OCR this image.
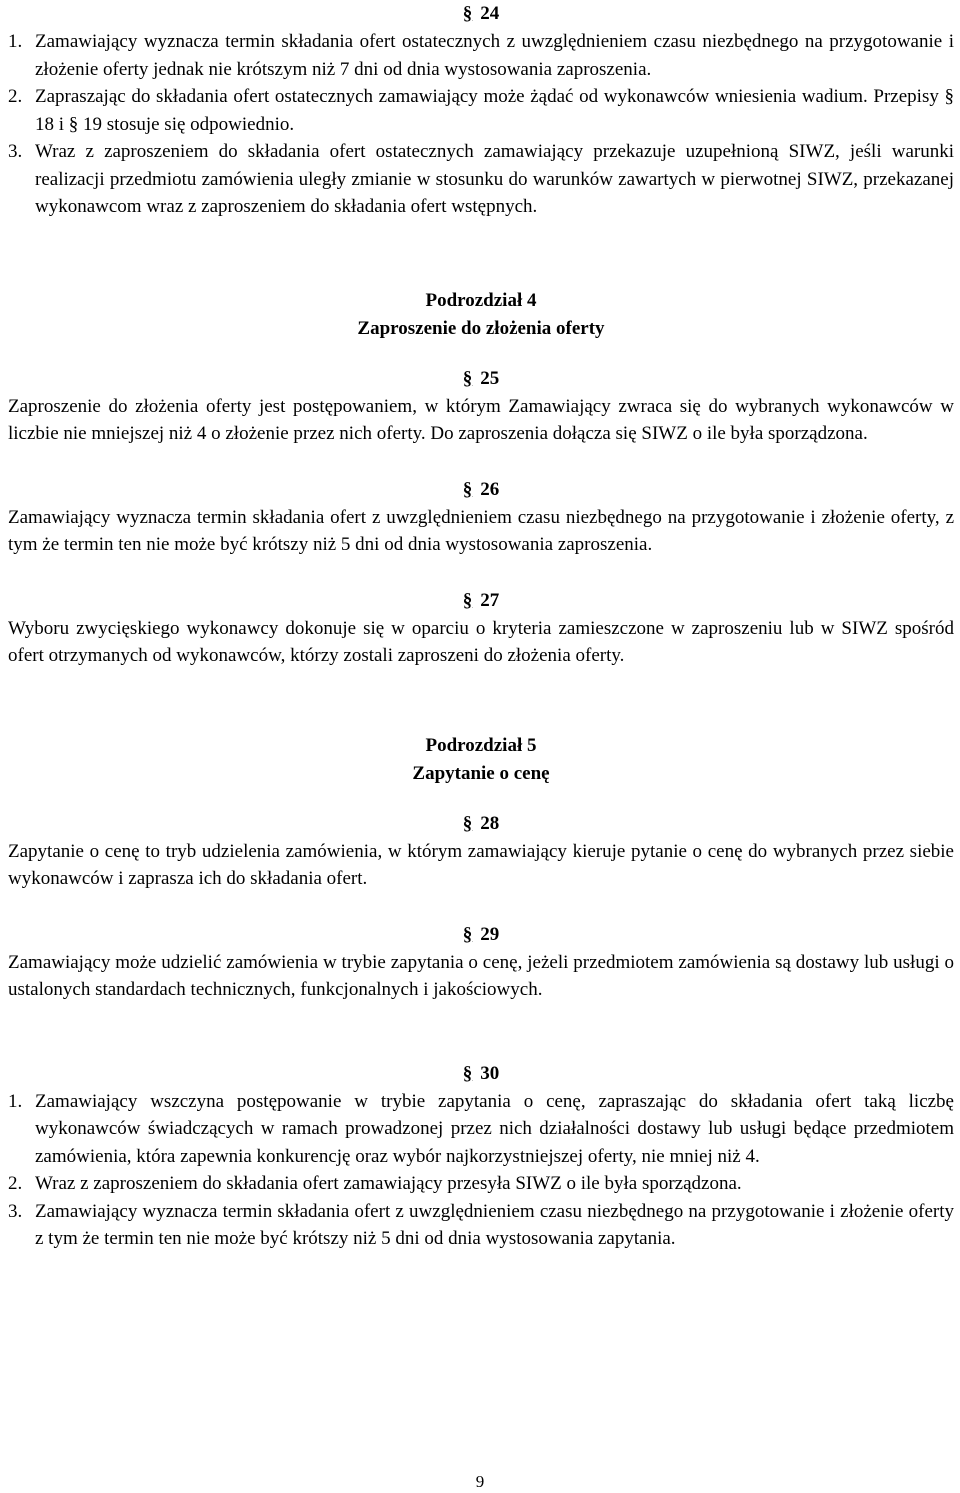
§ 24
1. Zamawiający wyznacza termin składania ofert ostatecznych z uwzględnieniem czasu niezbędnego na przygotowanie i złożenie oferty jednak nie krótszym niż 7 dni od dnia wystosowania zaproszenia.
2. Zapraszając do składania ofert ostatecznych zamawiający może żądać od wykonawców wniesienia wadium. Przepisy § 18 i § 19 stosuje się odpowiednio.
3. Wraz z zaproszeniem do składania ofert ostatecznych zamawiający przekazuje uzupełnioną SIWZ, jeśli warunki realizacji przedmiotu zamówienia uległy zmianie w stosunku do warunków zawartych w pierwotnej SIWZ, przekazanej wykonawcom wraz z zaproszeniem do składania ofert wstępnych.
Podrozdział 4
Zaproszenie do złożenia oferty
§ 25
Zaproszenie do złożenia oferty jest postępowaniem, w którym Zamawiający zwraca się do wybranych wykonawców w liczbie nie mniejszej niż 4 o złożenie przez nich oferty. Do zaproszenia dołącza się SIWZ o ile była sporządzona.
§ 26
Zamawiający wyznacza termin składania ofert z uwzględnieniem czasu niezbędnego na przygotowanie i złożenie oferty, z tym że termin ten nie może być krótszy niż 5 dni od dnia wystosowania zaproszenia.
§ 27
Wyboru zwycięskiego wykonawcy dokonuje się w oparciu o kryteria zamieszczone w zaproszeniu lub w SIWZ spośród ofert otrzymanych od wykonawców, którzy zostali zaproszeni do złożenia oferty.
Podrozdział 5
Zapytanie o cenę
§ 28
Zapytanie o cenę to tryb udzielenia zamówienia, w którym zamawiający kieruje pytanie o cenę do wybranych przez siebie wykonawców i zaprasza ich do składania ofert.
§ 29
Zamawiający może udzielić zamówienia w trybie zapytania o cenę, jeżeli przedmiotem zamówienia są dostawy lub usługi o ustalonych standardach technicznych, funkcjonalnych i jakościowych.
§ 30
1. Zamawiający wszczyna postępowanie w trybie zapytania o cenę, zapraszając do składania ofert taką liczbę wykonawców świadczących w ramach prowadzonej przez nich działalności dostawy lub usługi będące przedmiotem zamówienia, która zapewnia konkurencję oraz wybór najkorzystniejszej oferty, nie mniej niż 4.
2. Wraz z zaproszeniem do składania ofert zamawiający przesyła SIWZ o ile była sporządzona.
3. Zamawiający wyznacza termin składania ofert z uwzględnieniem czasu niezbędnego na przygotowanie i złożenie oferty z tym że termin ten nie może być krótszy niż 5 dni od dnia wystosowania zapytania.
9
